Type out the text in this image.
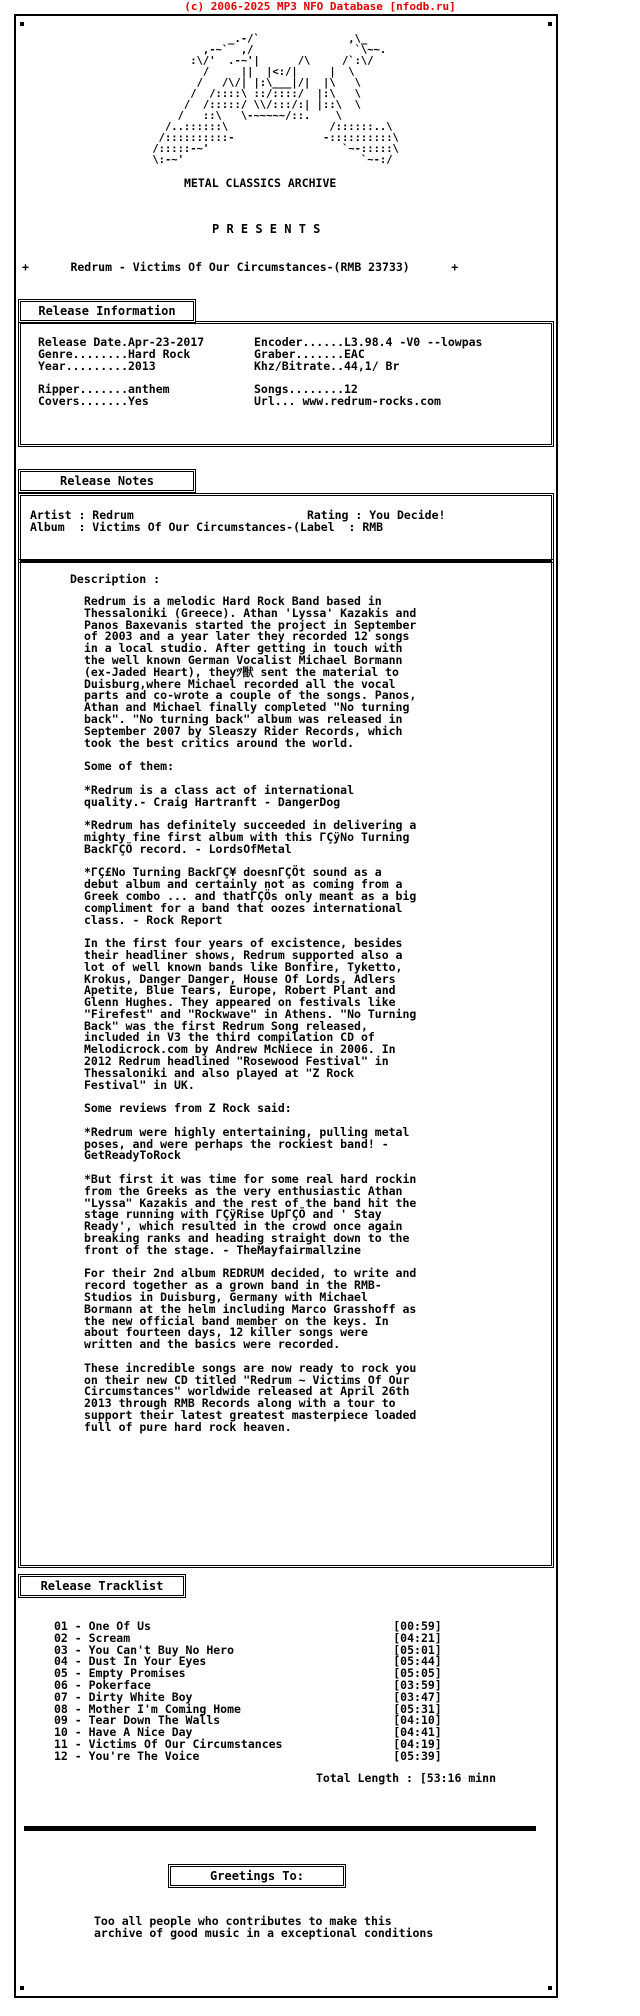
(c) 2006-2025 MP3 NFO Database [nfodb.ru]
_.-/`              ,\_
,-~`  ,/                `\~~.
:\/'  .-~'|      /\     /`:\/
/     ||  |<:/|     |  \
/   /\/| |:\___|/|  |\   \
/  /::::\ ::/::::/  |:\   \
/  /:::::/ \\/:::/:| |::\  \
/   ::\   \-~~~~~/::.    \
/..::::::\                /::::::..\
/::::::::::-              -::::::::::\
/:::::-~'                     `~-:::::\
\:-~'                            `~-:/
METAL CLASSICS ARCHIVE
P R E S E N T S
+      Redrum - Victims Of Our Circumstances-(RMB 23733)      +
Release Information
Release Date.Apr-23-2017
Genre........Hard Rock
Year.........2013

Ripper.......anthem
Covers.......Yes
Encoder......L3.98.4 -V0 --lowpas
Graber.......EAC
Khz/Bitrate..44,1/ Br

Songs........12
Url... www.redrum-rocks.com
Release Notes
Artist : Redrum                         Rating : You Decide!
Album  : Victims Of Our Circumstances-(Label  : RMB
Description :
Redrum is a melodic Hard Rock Band based in
Thessaloniki (Greece). Athan 'Lyssa' Kazakis and
Panos Baxevanis started the project in September
of 2003 and a year later they recorded 12 songs
in a local studio. After getting in touch with
the well known German Vocalist Michael Bormann
(ex-Jaded Heart), theyﾂ獣 sent the material to
Duisburg,where Michael recorded all the vocal
parts and co-wrote a couple of the songs. Panos,
Athan and Michael finally completed "No turning
back". "No turning back" album was released in
September 2007 by Sleaszy Rider Records, which
took the best critics around the world.

Some of them:

*Redrum is a class act of international
quality.- Craig Hartranft - DangerDog

*Redrum has definitely succeeded in delivering a
mighty fine first album with this ΓÇÿNo Turning
BackΓÇÖ record. - LordsOfMetal

*ΓÇ£No Turning BackΓÇ¥ doesnΓÇÖt sound as a
debut album and certainly not as coming from a
Greek combo ... and thatΓÇÖs only meant as a big
compliment for a band that oozes international
class. - Rock Report

In the first four years of excistence, besides
their headliner shows, Redrum supported also a
lot of well known bands like Bonfire, Tyketto,
Krokus, Danger Danger, House Of Lords, Adlers
Apetite, Blue Tears, Europe, Robert Plant and
Glenn Hughes. They appeared on festivals like
"Firefest" and "Rockwave" in Athens. "No Turning
Back" was the first Redrum Song released,
included in V3 the third compilation CD of
Melodicrock.com by Andrew McNiece in 2006. In
2012 Redrum headlined "Rosewood Festival" in
Thessaloniki and also played at "Z Rock
Festival" in UK.

Some reviews from Z Rock said:

*Redrum were highly entertaining, pulling metal
poses, and were perhaps the rockiest band! -
GetReadyToRock

*But first it was time for some real hard rockin
from the Greeks as the very enthusiastic Athan
"Lyssa" Kazakis and the rest of the band hit the
stage running with ΓÇÿRise UpΓÇÖ and ' Stay
Ready', which resulted in the crowd once again
breaking ranks and heading straight down to the
front of the stage. - TheMayfairmallzine

For their 2nd album REDRUM decided, to write and
record together as a grown band in the RMB-
Studios in Duisburg, Germany with Michael
Bormann at the helm including Marco Grasshoff as
the new official band member on the keys. In
about fourteen days, 12 killer songs were
written and the basics were recorded.

These incredible songs are now ready to rock you
on their new CD titled "Redrum ~ Victims Of Our
Circumstances" worldwide released at April 26th
2013 through RMB Records along with a tour to
support their latest greatest masterpiece loaded
full of pure hard rock heaven.
Release Tracklist
01 - One Of Us                                   [00:59]
02 - Scream                                      [04:21]
03 - You Can't Buy No Hero                       [05:01]
04 - Dust In Your Eyes                           [05:44]
05 - Empty Promises                              [05:05]
06 - Pokerface                                   [03:59]
07 - Dirty White Boy                             [03:47]
08 - Mother I'm Coming Home                      [05:31]
09 - Tear Down The Walls                         [04:10]
10 - Have A Nice Day                             [04:41]
11 - Victims Of Our Circumstances                [04:19]
12 - You're The Voice                            [05:39]
Total Length : [53:16 minn
Greetings To:
Too all people who contributes to make this
archive of good music in a exceptional conditions
